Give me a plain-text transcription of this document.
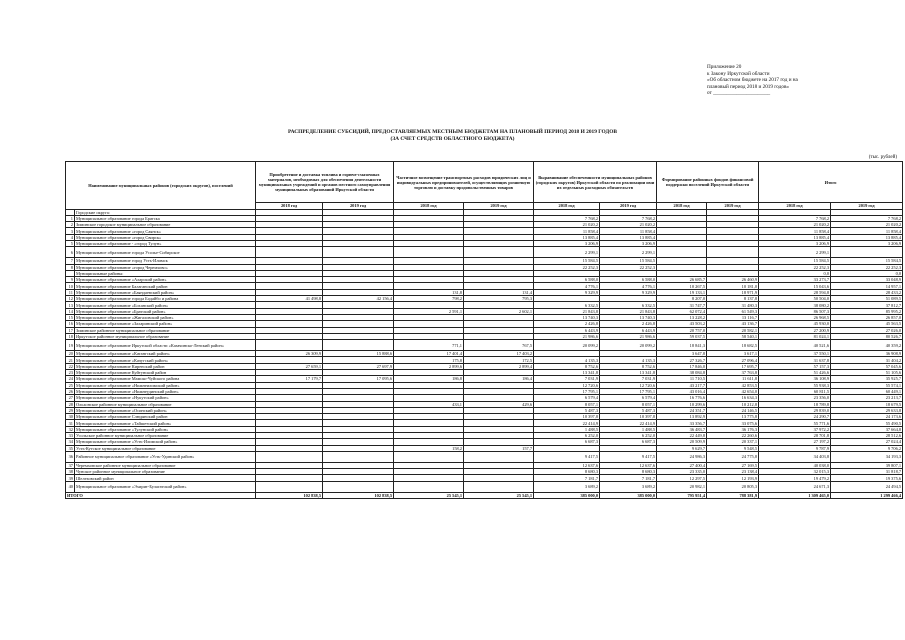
Приложение 20
к Закону Иркутской области
«Об областном бюджете на 2017 год и на
плановый период 2018 и 2019 годов»
от ______________________
РАСПРЕДЕЛЕНИЕ СУБСИДИЙ, ПРЕДОСТАВЛЯЕМЫХ МЕСТНЫМ БЮДЖЕТАМ НА ПЛАНОВЫЙ ПЕРИОД 2018 И 2019 ГОДОВ
(ЗА СЧЕТ СРЕДСТВ ОБЛАСТНОГО БЮДЖЕТА)
(тыс. рублей)
Наименование муниципальных районов (городских округов), поселений		Приобретение и доставка топлива и горюче-смазочных материалов, необходимых для обеспечения деятельности муниципальных учреждений и органов местного самоуправления муниципальных образований Иркутской области		Частичное возмещение транспортных расходов юридических лиц и индивидуальных предпринимателей, осуществляющих розничную торговлю и доставку продовольственных товаров		Выравнивание обеспеченности муниципальных районов (городских округов) Иркутской области по реализации ими их отдельных расходных обязательств		Формирование районных фондов финансовой поддержки поселений Иркутской области		Итого	
		2018 год	2019 год	2018 год	2019 год	2018 год	2019 год	2018 год	2019 год	2018 год	2019 год
	Городские округа:										
1	Муниципальное образование города Братска					7 768,2	7 768,2			7 768,2	7 768,2
2	Зиминское городское муниципальное образование					21 020,2	21 020,2			21 020,2	21 020,2
3	Муниципальное образование «город Саянск»					11 858,4	11 858,4			11 858,4	11 858,4
4	Муниципальное образование «город Свирск»					13 885,4	13 885,4			13 885,4	13 885,4
5	Муниципальное образование - «город Тулун»					3 206,9	3 206,9			3 206,9	3 206,9
6	Муниципальное образование города Усолье-Сибирское					2 299,1	2 299,1			2 299,1	
7	Муниципальное образование город Усть-Илимск					15 584,5	15 584,5			15 584,5	15 584,5
8	Муниципальное образование «город Черемхово»					22 252,3	22 252,3			22 252,3	22 252,3
	Муниципальные районы:									0,0	0,0
9	Муниципальное образование «Аларский район»					6 588,0	6 588,0	26 685,7	26 460,9	33 273,7	33 048,9
10	Муниципальное образование Балаганский район					4 776,1	4 776,1	10 267,5	10 181,0	15 043,6	14 957,1
11	Муниципальное образование «Баяндаевский район»			131,8	131,4	9 329,9	9 329,9	19 133,1	18 971,9	28 594,8	28 433,2
12	Муниципальное образование города Бодайбо и района	41 498,8	42 156,4	798,2	795,3			8 207,0	8 137,8	50 504,0	51 089,5
13	Муниципальное образование «Боханский район»					6 332,5	6 332,5	31 747,7	31 480,3	38 080,2	37 812,7
14	Муниципальное образование «Братский район»			2 591,1	2 602,1	21 843,8	21 843,8	62 072,4	61 549,3	86 507,3	85 995,2
15	Муниципальное образование «Жигаловский район»					13 740,3	13 740,3	13 228,2	13 116,7	26 968,5	26 857,0
16	Муниципальное образование «Заларинский район»					2 426,8	2 426,8	43 503,2	43 136,7	45 930,0	45 563,5
17	Зиминское районное муниципальное образование					6 443,9	6 443,9	20 757,0	20 582,1	27 200,9	27 026,0
18	Иркутское районное муниципальное образование					21 986,6	21 986,6	59 037,5	58 540,1	81 024,1	80 526,7
19	Муниципальное образование Иркутской области «Казачинско-Ленский район»			771,1	767,5	20 099,2	20 099,2	18 841,3	18 682,5	40 521,6	40 359,2
20	Муниципальное образование «Катангский район»	26 309,9	15 888,6	17 401,4	17 403,2			3 647,8	3 617,1	37 550,1	36 908,9
21	Муниципальное образование «Качугский район»			175,8	172,5	4 135,3	4 135,3	27 326,7	27 096,4	31 637,8	31 404,2
22	Муниципальное образование Киренский район	27 659,1	27 697,9	2 899,6	2 899,4	8 752,6	8 752,6	17 846,0	17 695,7	57 157,3	57 045,6
23	Муниципальное образование Куйтунский район					13 341,8	13 341,8	38 084,8	37 763,8	51 426,6	51 105,6
24	Муниципальное образование Мамско-Чуйского района	17 179,7	17 095,6	186,8	186,4	7 031,9	7 031,9	11 710,5	11 611,8	36 108,9	35 925,7
25	Муниципальное образование «Нижнеилимский район»					12 720,6	12 720,6	43 217,7	42 853,5	55 938,3	55 574,1
26	Муниципальное образование «Нижнеудинский район»					17 795,1	17 795,1	43 016,4	42 654,0	60 811,5	60 449,1
27	Муниципальное образование «Нукутский район»					6 579,4	6 579,4	16 776,6	16 634,3	23 356,0	23 213,7
28	Ольхонское районное муниципальное образование			433,1	429,6	8 057,1	8 057,1	10 299,6	10 212,8	18 789,8	18 679,5
29	Муниципальное образование «Осинский район»					5 487,3	5 487,3	24 351,7	24 146,5	29 839,0	29 633,8
30	Муниципальное образование Слюдянский район					10 397,8	10 397,8	13 892,9	13 775,8	24 290,7	24 173,6
31	Муниципальное образование «Тайшетский район»					22 414,9	22 414,9	33 356,7	33 075,6	55 771,6	55 490,5
32	Муниципальное образование «Тулунский район»					1 488,5	1 488,5	36 483,7	36 176,3	37 972,2	37 664,8
33	Усольское районное муниципальное образование					6 252,0	6 252,0	22 449,8	22 260,6	28 701,8	28 512,6
34	Муниципальное образование «Усть-Илимский район»					6 687,3	6 687,3	20 509,9	20 337,1	27 197,2	27 024,4
35	Усть-Кутское муниципальное образование			158,2	157,7			9 629,7	9 548,5	9 787,9	9 706,2
36	Районное муниципальное образование «Усть-Удинский район»					9 417,5	9 417,5	24 986,3	24 775,8	34 403,8	34 193,3
37	Черемховское районное муниципальное образование					12 637,6	12 637,6	27 400,4	27 169,5	40 038,0	39 807,1
38	Чунское районное муниципальное образование					8 680,3	8 680,3	23 335,0	23 138,4	32 015,3	31 818,7
39	Шелеховский район					7 181,7	7 181,7	12 297,5	12 193,9	19 479,2	19 375,6
40	Муниципальное образование «Эхирит-Булагатский район»					3 689,2	3 689,2	20 982,1	20 805,3	24 671,3	24 494,5
ИТОГО		102 838,5	102 838,5	25 545,1	25 545,1	385 000,0	385 000,0	795 951,4	788 381,9	1 309 465,0	1 299 466,4
